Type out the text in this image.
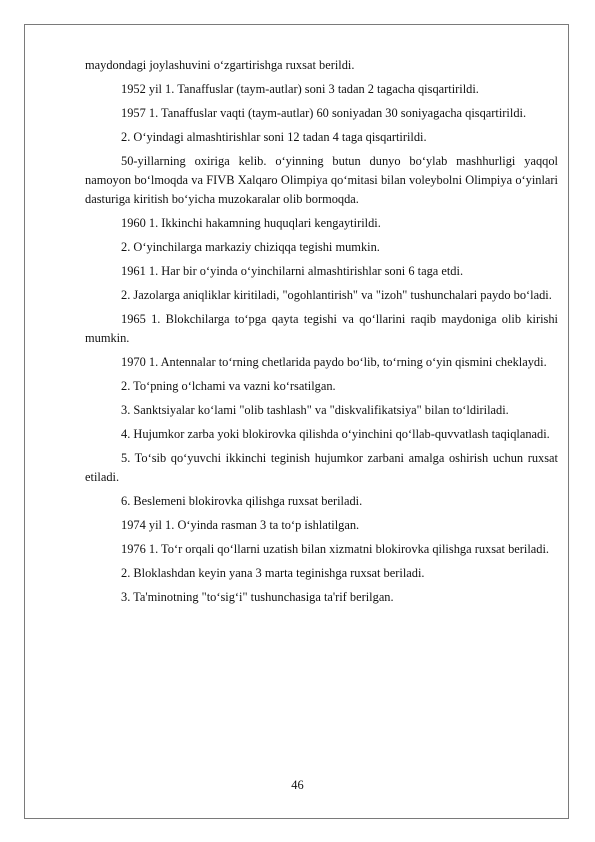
maydondagi joylashuvini o‘zgartirishga ruxsat berildi.

1952 yil 1. Tanaffuslar (taym-autlar) soni 3 tadan 2 tagacha qisqartirildi.

1957 1. Tanaffuslar vaqti (taym-autlar) 60 soniyadan 30 soniyagacha qisqartirildi.

2. O‘yindagi almashtirishlar soni 12 tadan 4 taga qisqartirildi.

50-yillarning oxiriga kelib. o‘yinning butun dunyo bo‘ylab mashhurligi yaqqol namoyon bo‘lmoqda va FIVB Xalqaro Olimpiya qo‘mitasi bilan voleybolni Olimpiya o‘yinlari dasturiga kiritish bo‘yicha muzokaralar olib bormoqda.

1960 1. Ikkinchi hakamning huquqlari kengaytirildi.

2. O‘yinchilarga markaziy chiziqqa tegishi mumkin.

1961 1. Har bir o‘yinda o‘yinchilarni almashtirishlar soni 6 taga etdi.

2. Jazolarga aniqliklar kiritiladi, "ogohlantirish" va "izoh" tushunchalari paydo bo‘ladi.

1965 1. Blokchilarga to‘pga qayta tegishi va qo‘llarini raqib maydoniga olib kirishi mumkin.

1970 1. Antennalar to‘rning chetlarida paydo bo‘lib, to‘rning o‘yin qismini cheklaydi.

2. To‘pning o‘lchami va vazni ko‘rsatilgan.

3. Sanktsiyalar ko‘lami "olib tashlash" va "diskvalifikatsiya" bilan to‘ldiriladi.

4. Hujumkor zarba yoki blokirovka qilishda o‘yinchini qo‘llab-quvvatlash taqiqlanadi.

5. To‘sib qo‘yuvchi ikkinchi teginish hujumkor zarbani amalga oshirish uchun ruxsat etiladi.

6. Beslemeni blokirovka qilishga ruxsat beriladi.

1974 yil 1. O‘yinda rasman 3 ta to‘p ishlatilgan.

1976 1. To‘r orqali qo‘llarni uzatish bilan xizmatni blokirovka qilishga ruxsat beriladi.

2. Bloklashdan keyin yana 3 marta teginishga ruxsat beriladi.

3. Ta'minotning "to‘sig‘i" tushunchasiga ta'rif berilgan.

46
